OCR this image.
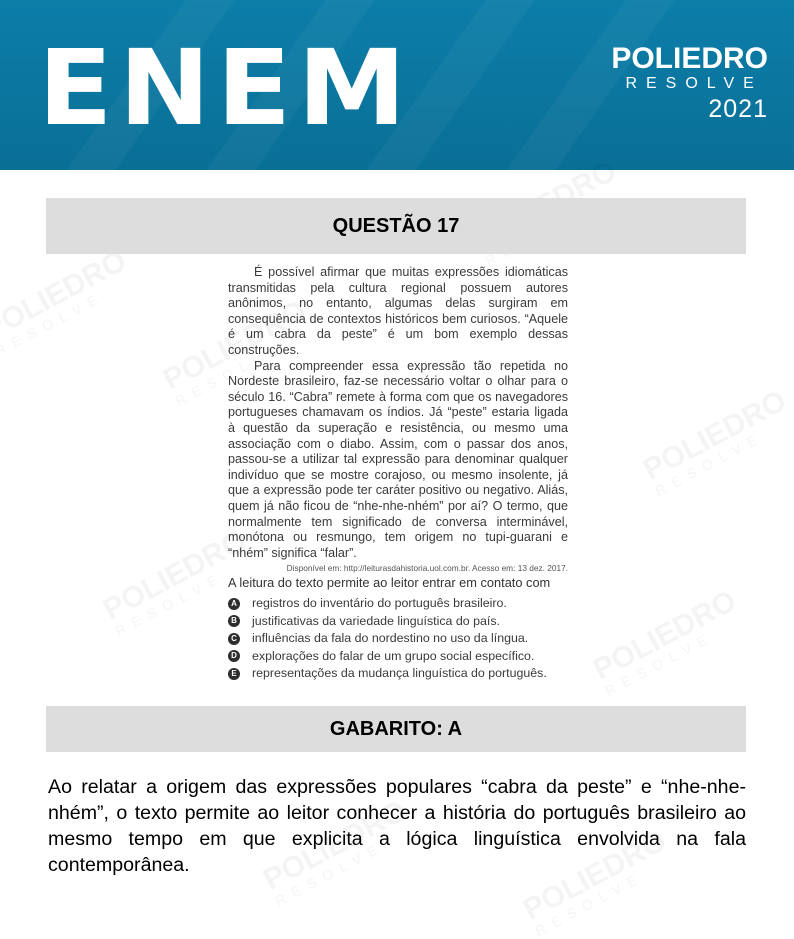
ENEM	POLIEDRO
RESOLVE
2021
QUESTÃO 17

É possível afirmar que muitas expressões idiomáticas transmitidas pela cultura regional possuem autores anônimos, no entanto, algumas delas surgiram em consequência de contextos históricos bem curiosos. “Aquele é um cabra da peste” é um bom exemplo dessas construções.

Para compreender essa expressão tão repetida no Nordeste brasileiro, faz-se necessário voltar o olhar para o século 16. “Cabra” remete à forma com que os navegadores portugueses chamavam os índios. Já “peste” estaria ligada à questão da superação e resistência, ou mesmo uma associação com o diabo. Assim, com o passar dos anos, passou-se a utilizar tal expressão para denominar qualquer indivíduo que se mostre corajoso, ou mesmo insolente, já que a expressão pode ter caráter positivo ou negativo. Aliás, quem já não ficou de “nhe-nhe-nhém” por aí? O termo, que normalmente tem significado de conversa interminável, monótona ou resmungo, tem origem no tupi-guarani e “nhém” significa “falar”.

Disponível em: http://leiturasdahistoria.uol.com.br. Acesso em: 13 dez. 2017.

A leitura do texto permite ao leitor entrar em contato com

A registros do inventário do português brasileiro.
B justificativas da variedade linguística do país.
C influências da fala do nordestino no uso da língua.
D explorações do falar de um grupo social específico.
E representações da mudança linguística do português.
GABARITO: A
Ao relatar a origem das expressões populares “cabra da peste” e “nhe-nhe-nhém”, o texto permite ao leitor conhecer a história do português brasileiro ao mesmo tempo em que explicita a lógica linguística envolvida na fala contemporânea.
